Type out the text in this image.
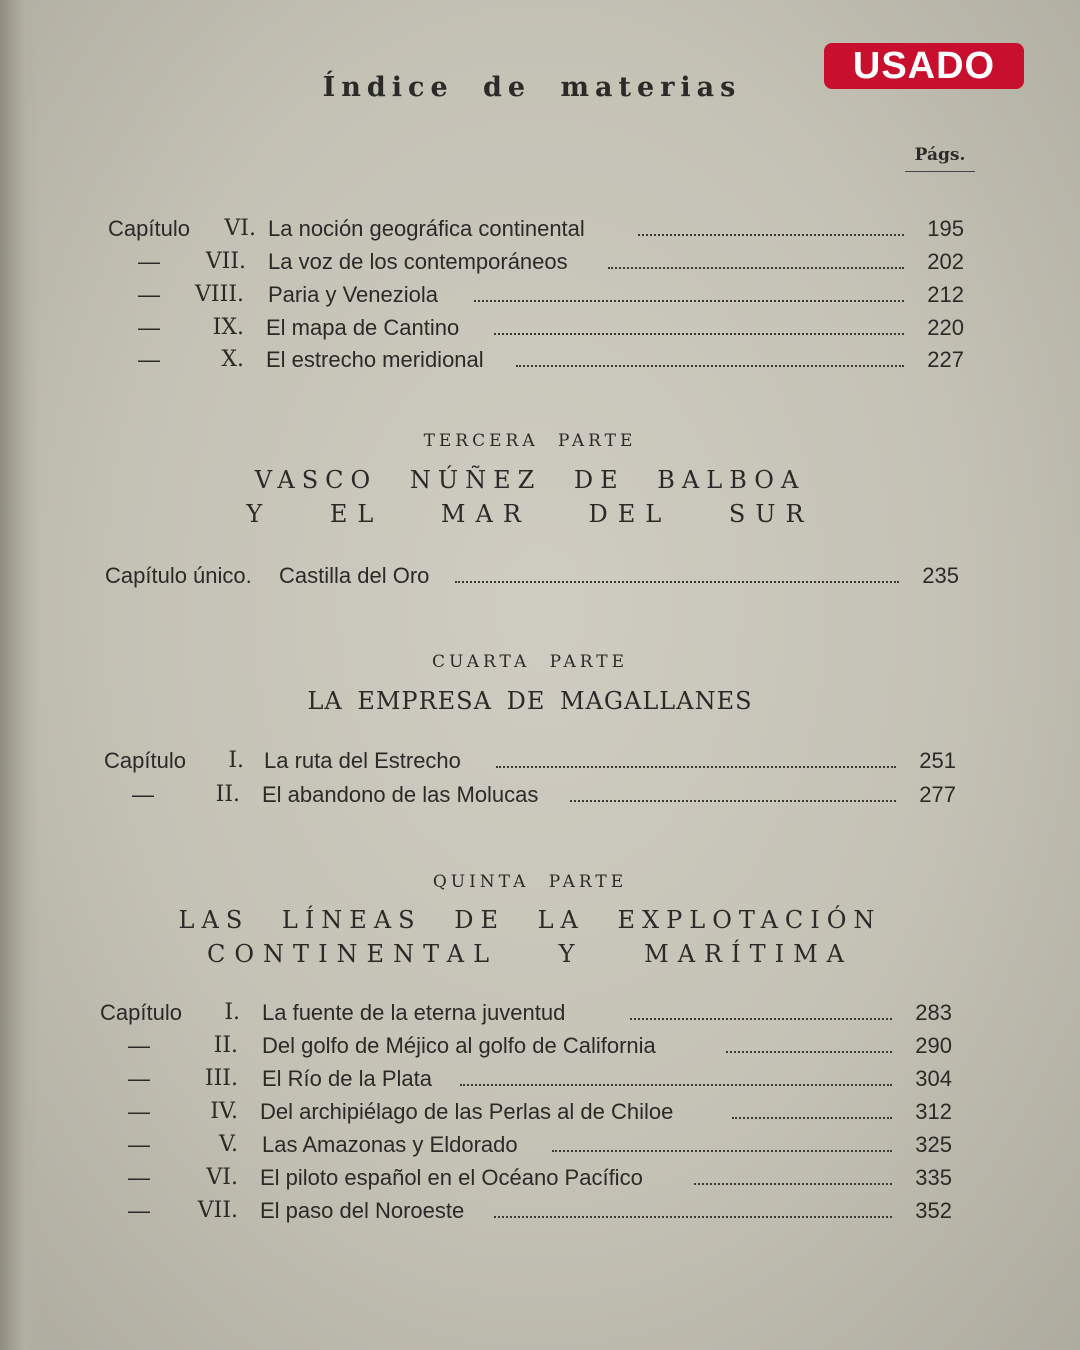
USADO
Índice de materias
Págs.
Capítulo	VI. La noción geográfica continental	195
—	VII. La voz de los contemporáneos	202
—	VIII. Paria y Veneziola	212
—	IX. El mapa de Cantino	220
—	X. El estrecho meridional	227
TERCERA PARTE
VASCO NÚÑEZ DE BALBOA
Y EL MAR DEL SUR
Capítulo único. Castilla del Oro	235
CUARTA PARTE
LA EMPRESA DE MAGALLANES
Capítulo	I. La ruta del Estrecho	251
—	II. El abandono de las Molucas	277
QUINTA PARTE
LAS LÍNEAS DE LA EXPLOTACIÓN
CONTINENTAL Y MARÍTIMA
Capítulo	I. La fuente de la eterna juventud	283
—	II. Del golfo de Méjico al golfo de California	290
—	III. El Río de la Plata	304
—	IV. Del archipiélago de las Perlas al de Chiloe	312
—	V. Las Amazonas y Eldorado	325
—	VI. El piloto español en el Océano Pacífico	335
—	VII. El paso del Noroeste	352
